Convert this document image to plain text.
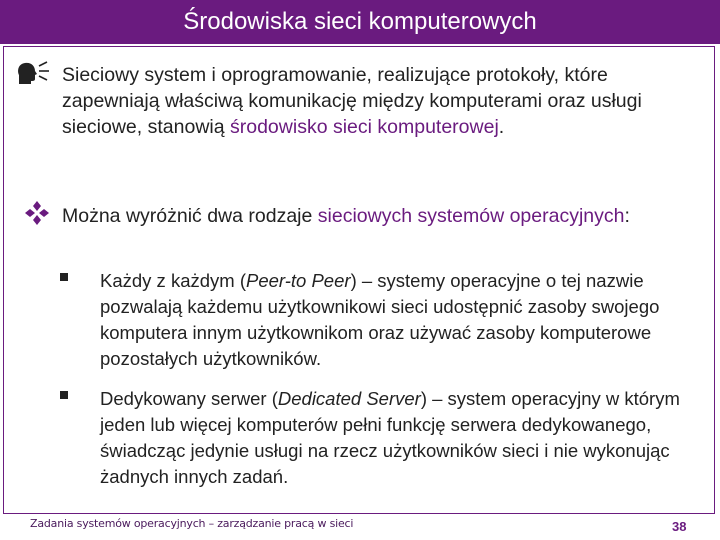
Środowiska sieci komputerowych

Sieciowy system i oprogramowanie, realizujące protokoły, które zapewniają właściwą komunikację między komputerami oraz usługi sieciowe, stanowią środowisko sieci komputerowej.

Można wyróżnić dwa rodzaje sieciowych systemów operacyjnych:

Każdy z każdym (Peer-to Peer) – systemy operacyjne o tej nazwie pozwalają każdemu użytkownikowi sieci udostępnić zasoby swojego komputera innym użytkownikom oraz używać zasoby komputerowe pozostałych użytkowników.

Dedykowany serwer (Dedicated Server) – system operacyjny w którym jeden lub więcej komputerów pełni funkcję serwera dedykowanego, świadcząc jedynie usługi na rzecz użytkowników sieci i nie wykonując żadnych innych zadań.

Zadania systemów operacyjnych – zarządzanie pracą w sieci	38
